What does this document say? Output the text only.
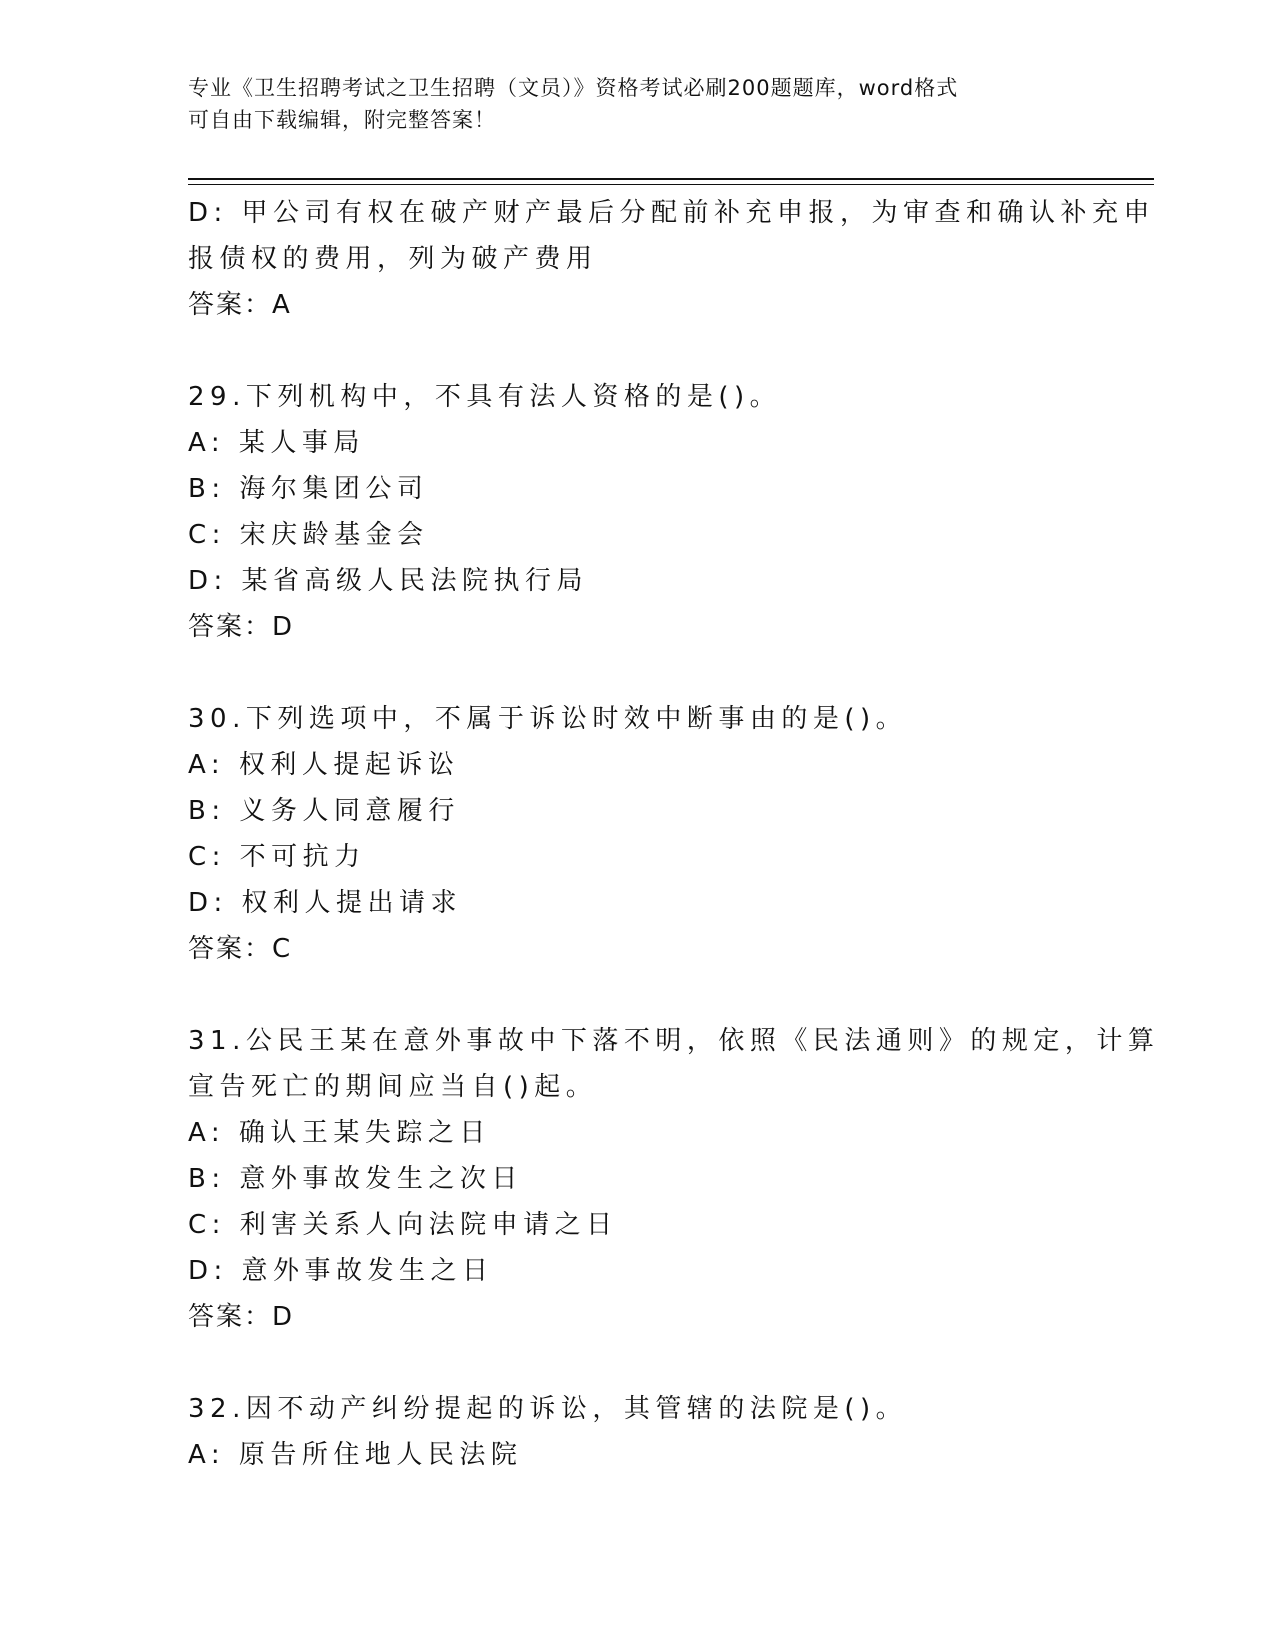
专业《卫生招聘考试之卫生招聘（文员）》资格考试必刷200题题库，word格式
可自由下载编辑，附完整答案！
D: 甲公司有权在破产财产最后分配前补充申报，为审查和确认补充申
报债权的费用，列为破产费用
答案：A
29.下列机构中，不具有法人资格的是()。
A: 某人事局
B: 海尔集团公司
C: 宋庆龄基金会
D: 某省高级人民法院执行局
答案：D
30.下列选项中，不属于诉讼时效中断事由的是()。
A: 权利人提起诉讼
B: 义务人同意履行
C: 不可抗力
D: 权利人提出请求
答案：C
31.公民王某在意外事故中下落不明，依照《民法通则》的规定，计算
宣告死亡的期间应当自()起。
A: 确认王某失踪之日
B: 意外事故发生之次日
C: 利害关系人向法院申请之日
D: 意外事故发生之日
答案：D
32.因不动产纠纷提起的诉讼，其管辖的法院是()。
A: 原告所住地人民法院
